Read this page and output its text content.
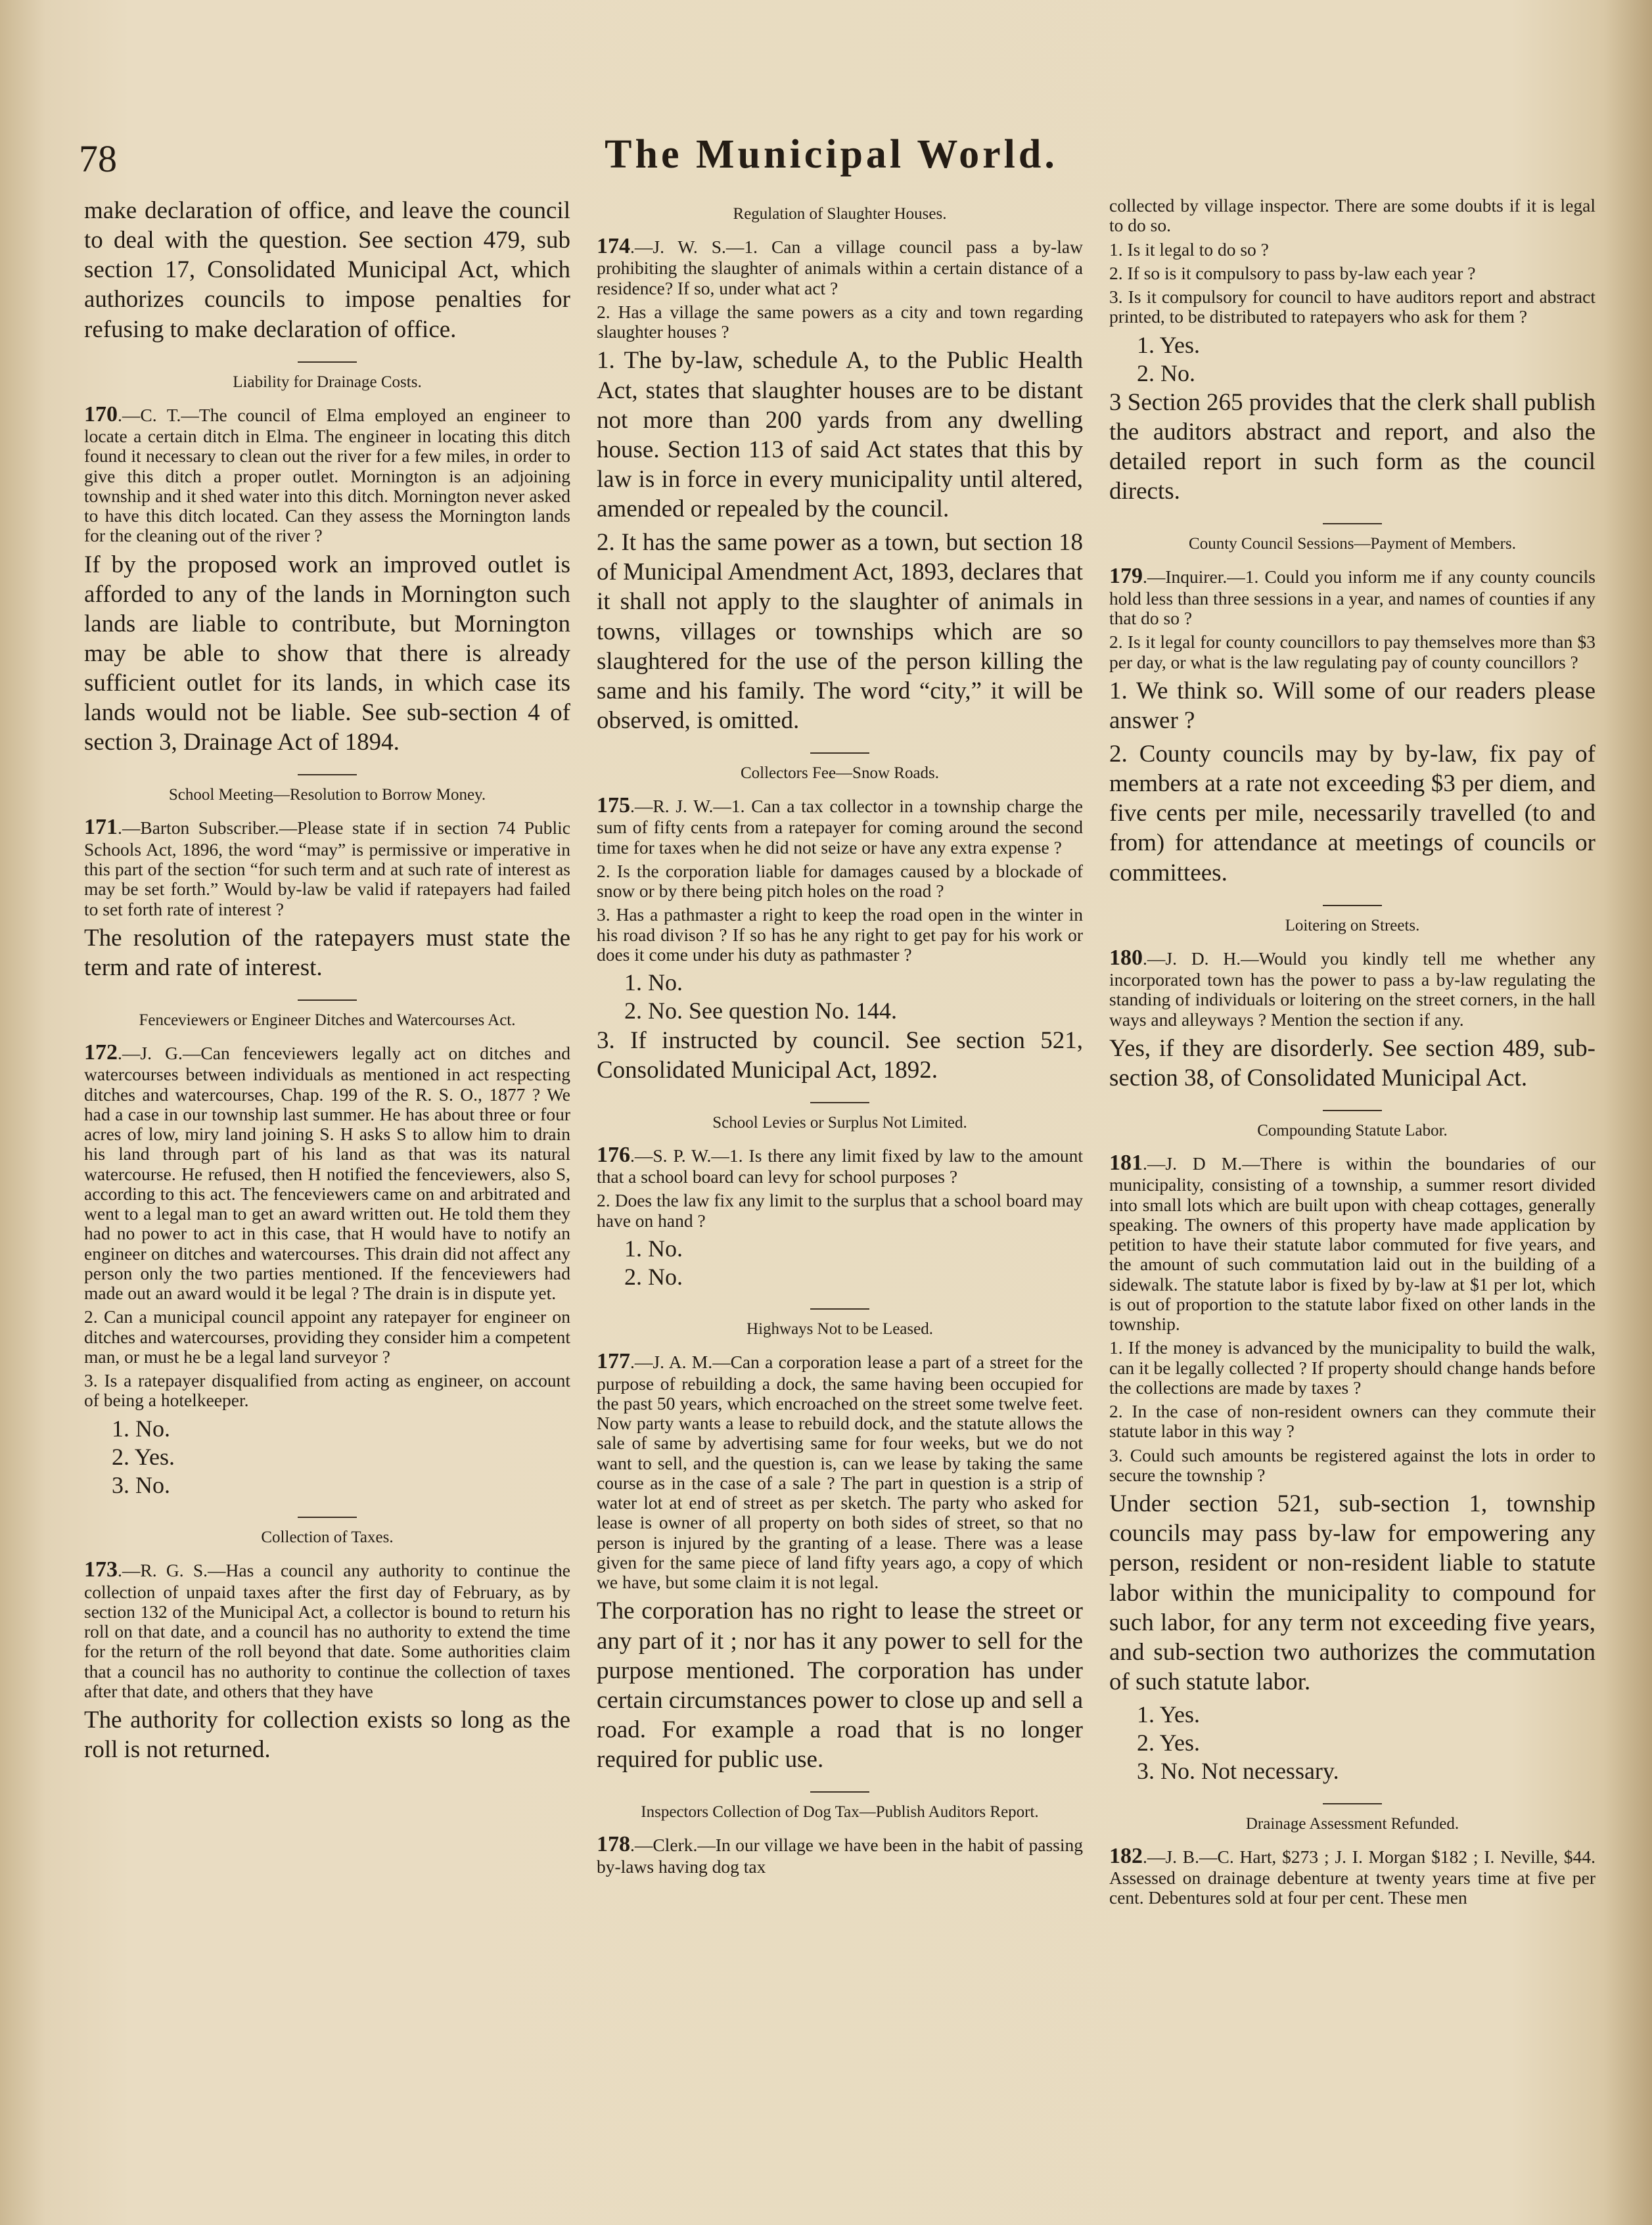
78	The Municipal World.

make declaration of office, and leave the council to deal with the question. See section 479, sub section 17, Consolidated Municipal Act, which authorizes councils to impose penalties for refusing to make declaration of office.

Liability for Drainage Costs.

170.—C. T.—The council of Elma employed an engineer to locate a certain ditch in Elma. The engineer in locating this ditch found it necessary to clean out the river for a few miles, in order to give this ditch a proper outlet. Mornington is an adjoining township and it shed water into this ditch. Mornington never asked to have this ditch located. Can they assess the Mornington lands for the cleaning out of the river ?

If by the proposed work an improved outlet is afforded to any of the lands in Mornington such lands are liable to contribute, but Mornington may be able to show that there is already sufficient outlet for its lands, in which case its lands would not be liable. See sub-section 4 of section 3, Drainage Act of 1894.

School Meeting—Resolution to Borrow Money.

171.—Barton Subscriber.—Please state if in section 74 Public Schools Act, 1896, the word “may” is permissive or imperative in this part of the section “for such term and at such rate of interest as may be set forth.” Would by-law be valid if ratepayers had failed to set forth rate of interest ?

The resolution of the ratepayers must state the term and rate of interest.

Fenceviewers or Engineer Ditches and Watercourses Act.

172.—J. G.—Can fenceviewers legally act on ditches and watercourses between individuals as mentioned in act respecting ditches and watercourses, Chap. 199 of the R. S. O., 1877 ? We had a case in our township last summer. He has about three or four acres of low, miry land joining S. H asks S to allow him to drain his land through part of his land as that was its natural watercourse. He refused, then H notified the fenceviewers, also S, according to this act. The fenceviewers came on and arbitrated and went to a legal man to get an award written out. He told them they had no power to act in this case, that H would have to notify an engineer on ditches and watercourses. This drain did not affect any person only the two parties mentioned. If the fenceviewers had made out an award would it be legal ? The drain is in dispute yet.

2. Can a municipal council appoint any ratepayer for engineer on ditches and watercourses, providing they consider him a competent man, or must he be a legal land surveyor ?

3. Is a ratepayer disqualified from acting as engineer, on account of being a hotelkeeper.

1. No.

2. Yes.

3. No.

Collection of Taxes.

173.—R. G. S.—Has a council any authority to continue the collection of unpaid taxes after the first day of February, as by section 132 of the Municipal Act, a collector is bound to return his roll on that date, and a council has no authority to extend the time for the return of the roll beyond that date. Some authorities claim that a council has no authority to continue the collection of taxes after that date, and others that they have

The authority for collection exists so long as the roll is not returned.

Regulation of Slaughter Houses.

174.—J. W. S.—1. Can a village council pass a by-law prohibiting the slaughter of animals within a certain distance of a residence? If so, under what act ?

2. Has a village the same powers as a city and town regarding slaughter houses ?

1. The by-law, schedule A, to the Public Health Act, states that slaughter houses are to be distant not more than 200 yards from any dwelling house. Section 113 of said Act states that this by law is in force in every municipality until altered, amended or repealed by the council.

2. It has the same power as a town, but section 18 of Municipal Amendment Act, 1893, declares that it shall not apply to the slaughter of animals in towns, villages or townships which are so slaughtered for the use of the person killing the same and his family. The word “city,” it will be observed, is omitted.

Collectors Fee—Snow Roads.

175.—R. J. W.—1. Can a tax collector in a township charge the sum of fifty cents from a ratepayer for coming around the second time for taxes when he did not seize or have any extra expense ?

2. Is the corporation liable for damages caused by a blockade of snow or by there being pitch holes on the road ?

3. Has a pathmaster a right to keep the road open in the winter in his road divison ? If so has he any right to get pay for his work or does it come under his duty as pathmaster ?

1. No.

2. No. See question No. 144.

3. If instructed by council. See section 521, Consolidated Municipal Act, 1892.

School Levies or Surplus Not Limited.

176.—S. P. W.—1. Is there any limit fixed by law to the amount that a school board can levy for school purposes ?

2. Does the law fix any limit to the surplus that a school board may have on hand ?

1. No.

2. No.

Highways Not to be Leased.

177.—J. A. M.—Can a corporation lease a part of a street for the purpose of rebuilding a dock, the same having been occupied for the past 50 years, which encroached on the street some twelve feet. Now party wants a lease to rebuild dock, and the statute allows the sale of same by advertising same for four weeks, but we do not want to sell, and the question is, can we lease by taking the same course as in the case of a sale ? The part in question is a strip of water lot at end of street as per sketch. The party who asked for lease is owner of all property on both sides of street, so that no person is injured by the granting of a lease. There was a lease given for the same piece of land fifty years ago, a copy of which we have, but some claim it is not legal.

The corporation has no right to lease the street or any part of it ; nor has it any power to sell for the purpose mentioned. The corporation has under certain circumstances power to close up and sell a road. For example a road that is no longer required for public use.

Inspectors Collection of Dog Tax—Publish Auditors Report.

178.—Clerk.—In our village we have been in the habit of passing by-laws having dog tax

collected by village inspector. There are some doubts if it is legal to do so.

1. Is it legal to do so ?

2. If so is it compulsory to pass by-law each year ?

3. Is it compulsory for council to have auditors report and abstract printed, to be distributed to ratepayers who ask for them ?

1. Yes.

2. No.

3 Section 265 provides that the clerk shall publish the auditors abstract and report, and also the detailed report in such form as the council directs.

County Council Sessions—Payment of Members.

179.—Inquirer.—1. Could you inform me if any county councils hold less than three sessions in a year, and names of counties if any that do so ?

2. Is it legal for county councillors to pay themselves more than $3 per day, or what is the law regulating pay of county councillors ?

1. We think so. Will some of our readers please answer ?

2. County councils may by by-law, fix pay of members at a rate not exceeding $3 per diem, and five cents per mile, necessarily travelled (to and from) for attendance at meetings of councils or committees.

Loitering on Streets.

180.—J. D. H.—Would you kindly tell me whether any incorporated town has the power to pass a by-law regulating the standing of individuals or loitering on the street corners, in the hall ways and alleyways ? Mention the section if any.

Yes, if they are disorderly. See section 489, sub-section 38, of Consolidated Municipal Act.

Compounding Statute Labor.

181.—J. D M.—There is within the boundaries of our municipality, consisting of a township, a summer resort divided into small lots which are built upon with cheap cottages, generally speaking. The owners of this property have made application by petition to have their statute labor commuted for five years, and the amount of such commutation laid out in the building of a sidewalk. The statute labor is fixed by by-law at $1 per lot, which is out of proportion to the statute labor fixed on other lands in the township.

1. If the money is advanced by the municipality to build the walk, can it be legally collected ? If property should change hands before the collections are made by taxes ?

2. In the case of non-resident owners can they commute their statute labor in this way ?

3. Could such amounts be registered against the lots in order to secure the township ?

Under section 521, sub-section 1, township councils may pass by-law for empowering any person, resident or non-resident liable to statute labor within the municipality to compound for such labor, for any term not exceeding five years, and sub-section two authorizes the commutation of such statute labor.

1. Yes.

2. Yes.

3. No. Not necessary.

Drainage Assessment Refunded.

182.—J. B.—C. Hart, $273 ; J. I. Morgan $182 ; I. Neville, $44. Assessed on drainage debenture at twenty years time at five per cent. Debentures sold at four per cent. These men
